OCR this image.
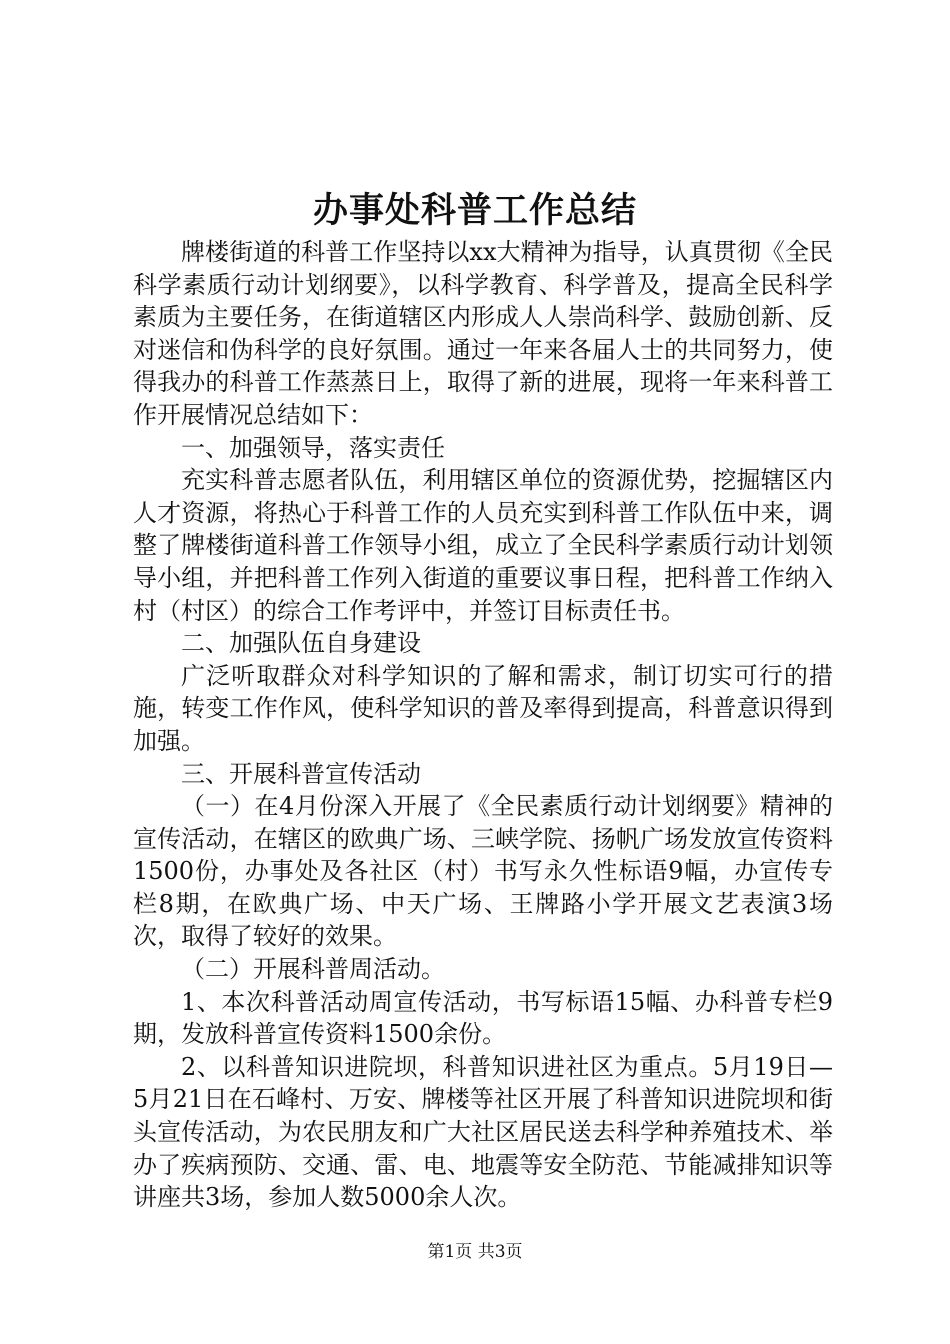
办事处科普工作总结

牌楼街道的科普工作坚持以xx大精神为指导，认真贯彻《全民科学素质行动计划纲要》，以科学教育、科学普及，提高全民科学素质为主要任务，在街道辖区内形成人人崇尚科学、鼓励创新、反对迷信和伪科学的良好氛围。通过一年来各届人士的共同努力，使得我办的科普工作蒸蒸日上，取得了新的进展，现将一年来科普工作开展情况总结如下：

一、加强领导，落实责任

充实科普志愿者队伍，利用辖区单位的资源优势，挖掘辖区内人才资源，将热心于科普工作的人员充实到科普工作队伍中来，调整了牌楼街道科普工作领导小组，成立了全民科学素质行动计划领导小组，并把科普工作列入街道的重要议事日程，把科普工作纳入村（村区）的综合工作考评中，并签订目标责任书。

二、加强队伍自身建设

广泛听取群众对科学知识的了解和需求，制订切实可行的措施，转变工作作风，使科学知识的普及率得到提高，科普意识得到加强。

三、开展科普宣传活动

（一）在4月份深入开展了《全民素质行动计划纲要》精神的宣传活动，在辖区的欧典广场、三峡学院、扬帆广场发放宣传资料1500份，办事处及各社区（村）书写永久性标语9幅，办宣传专栏8期，在欧典广场、中天广场、王牌路小学开展文艺表演3场次，取得了较好的效果。

（二）开展科普周活动。

1、本次科普活动周宣传活动，书写标语15幅、办科普专栏9期，发放科普宣传资料1500余份。

2、以科普知识进院坝，科普知识进社区为重点。5月19日—5月21日在石峰村、万安、牌楼等社区开展了科普知识进院坝和街头宣传活动，为农民朋友和广大社区居民送去科学种养殖技术、举办了疾病预防、交通、雷、电、地震等安全防范、节能减排知识等讲座共3场，参加人数5000余人次。

第1页 共3页
